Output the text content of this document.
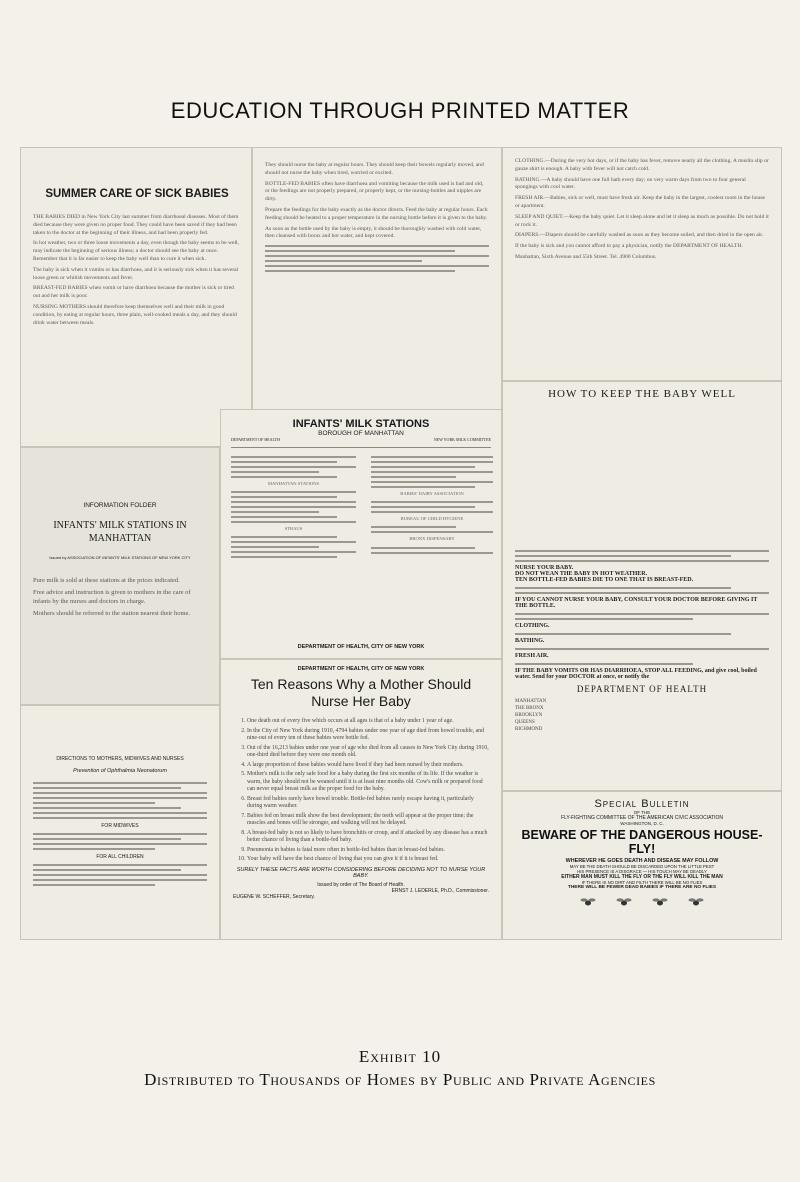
EDUCATION THROUGH PRINTED MATTER
SUMMER CARE OF SICK BABIES

THE BABIES DIED in New York City last summer from diarrhoeal diseases. Most of them died because they were given no proper food. They could have been saved if they had been taken to the doctor at the beginning of their illness, and had been properly fed.

In hot weather, two or three loose movements a day, even though the baby seems to be well, may indicate the beginning of serious illness; a doctor should see the baby at once. Remember that it is far easier to keep the baby well than to cure it when sick.

The baby is sick when it vomits or has diarrhoea, and it is seriously sick when it has several loose green or whitish movements and fever.

BREAST-FED BABIES when vomit or have diarrhoea because the mother is sick or tired out and her milk is poor.

NURSING MOTHERS should therefore keep themselves well and their milk in good condition, by eating at regular hours, three plain, well-cooked meals a day, and they should drink water between meals.

They should nurse the baby at regular hours. They should keep their bowels regularly moved, and should not nurse the baby when tired, worried or excited.

BOTTLE-FED BABIES often have diarrhoea and vomiting because the milk used is bad and old, or the feedings are not properly prepared, or properly kept, or the nursing-bottles and nipples are dirty.

Prepare the feedings for the baby exactly as the doctor directs. Feed the baby at regular hours. Each feeding should be heated to a proper temperature in the nursing bottle before it is given to the baby.

As soon as the bottle used by the baby is empty, it should be thoroughly washed with cold water, then cleansed with borax and hot water, and kept covered.

CLOTHING.—During the very hot days, or if the baby has fever, remove nearly all the clothing. A muslin slip or gauze shirt is enough. A baby with fever will not catch cold.

BATHING.—A baby should have one full bath every day; on very warm days from two to four general spongings with cool water.

FRESH AIR.—Babies, sick or well, must have fresh air. Keep the baby in the largest, coolest room in the house or apartment.

SLEEP AND QUIET.—Keep the baby quiet. Let it sleep alone and let it sleep as much as possible. Do not hold it or rock it.

DIAPERS.—Diapers should be carefully washed as soon as they become soiled, and then dried in the open air.

If the baby is sick and you cannot afford to pay a physician, notify the DEPARTMENT OF HEALTH.

Manhattan, Sixth Avenue and 55th Street. Tel. 4900 Columbus.

HOW TO KEEP THE BABY WELL
NURSE YOUR BABY.
DO NOT WEAN THE BABY IN HOT WEATHER.
TEN BOTTLE-FED BABIES DIE TO ONE THAT IS BREAST-FED.
IF YOU CANNOT NURSE YOUR BABY, CONSULT YOUR DOCTOR BEFORE GIVING IT THE BOTTLE.
CLOTHING.
BATHING.
FRESH AIR.
IF THE BABY VOMITS OR HAS DIARRHOEA, STOP ALL FEEDING, and give cool, boiled water. Send for your DOCTOR at once, or notify the
DEPARTMENT OF HEALTH
MANHATTAN
THE BRONX
BROOKLYN
QUEENS
RICHMOND
Special Bulletin
OF THE
FLY-FIGHTING COMMITTEE OF THE AMERICAN CIVIC ASSOCIATION
WASHINGTON, D. C.
BEWARE OF THE DANGEROUS HOUSE-FLY!
WHEREVER HE GOES DEATH AND DISEASE MAY FOLLOW
MAY BE THE DEATH SHOULD BE DISCARDED UPON THE LITTLE PEST
HIS PRESENCE IS A DISGRACE — HIS TOUCH MAY BE DEADLY
EITHER MAN MUST KILL THE FLY OR THE FLY WILL KILL THE MAN
IF THERE IS NO DIRT AND FILTH THERE WILL BE NO FLIES
THERE WILL BE FEWER DEAD BABIES IF THERE ARE NO FLIES

INFORMATION FOLDER
INFANTS' MILK STATIONS IN MANHATTAN
Issued by ASSOCIATION OF INFANTS' MILK STATIONS OF NEW YORK CITY

Pure milk is sold at these stations at the prices indicated.

Free advice and instruction is given to mothers in the care of infants by the nurses and doctors in charge.

Mothers should be referred to the station nearest their home.

INFANTS' MILK STATIONS
BOROUGH OF MANHATTAN
DEPARTMENT OF HEALTH	NEW YORK MILK COMMITTEE
MANHATTAN STATIONS
STRAUS
BABIES' DAIRY ASSOCIATION
BUREAU OF CHILD HYGIENE
BRONX DISPENSARY
DEPARTMENT OF HEALTH, CITY OF NEW YORK
DIRECTIONS TO MOTHERS, MIDWIVES AND NURSES
Prevention of Ophthalmia Neonatorum
FOR MIDWIVES
FOR ALL CHILDREN
DEPARTMENT OF HEALTH, CITY OF NEW YORK
Ten Reasons Why a Mother Should Nurse Her Baby
1. One death out of every five which occurs at all ages is that of a baby under 1 year of age.
2. In the City of New York during 1910, 4794 babies under one year of age died from bowel trouble, and nine-out of every ten of these babies were bottle fed.
3. Out of the 16,213 babies under one year of age who died from all causes in New York City during 1910, one-third died before they were one month old.
4. A large proportion of these babies would have lived if they had been nursed by their mothers.
5. Mother's milk is the only safe food for a baby during the first six months of its life. If the weather is warm, the baby should not be weaned until it is at least nine months old. Cow's milk or prepared food can never equal breast milk as the proper food for the baby.
6. Breast fed babies rarely have bowel trouble. Bottle-fed babies rarely escape having it, particularly during warm weather.
7. Babies fed on breast milk show the best development; the teeth will appear at the proper time; the muscles and bones will be stronger, and walking will not be delayed.
8. A breast-fed baby is not so likely to have bronchitis or croup, and if attacked by any disease has a much better chance of living than a bottle-fed baby.
9. Pneumonia in babies is fatal more often in bottle-fed babies than in breast-fed babies.
10. Your baby will have the best chance of living that you can give it if it is breast fed.
SURELY THESE FACTS ARE WORTH CONSIDERING BEFORE DECIDING NOT TO NURSE YOUR BABY.
Issued by order of The Board of Health.
ERNST J. LEDERLE, Ph.D., Commissioner.
EUGENE W. SCHEFFER, Secretary.
Exhibit 10
Distributed to Thousands of Homes by Public and Private Agencies
